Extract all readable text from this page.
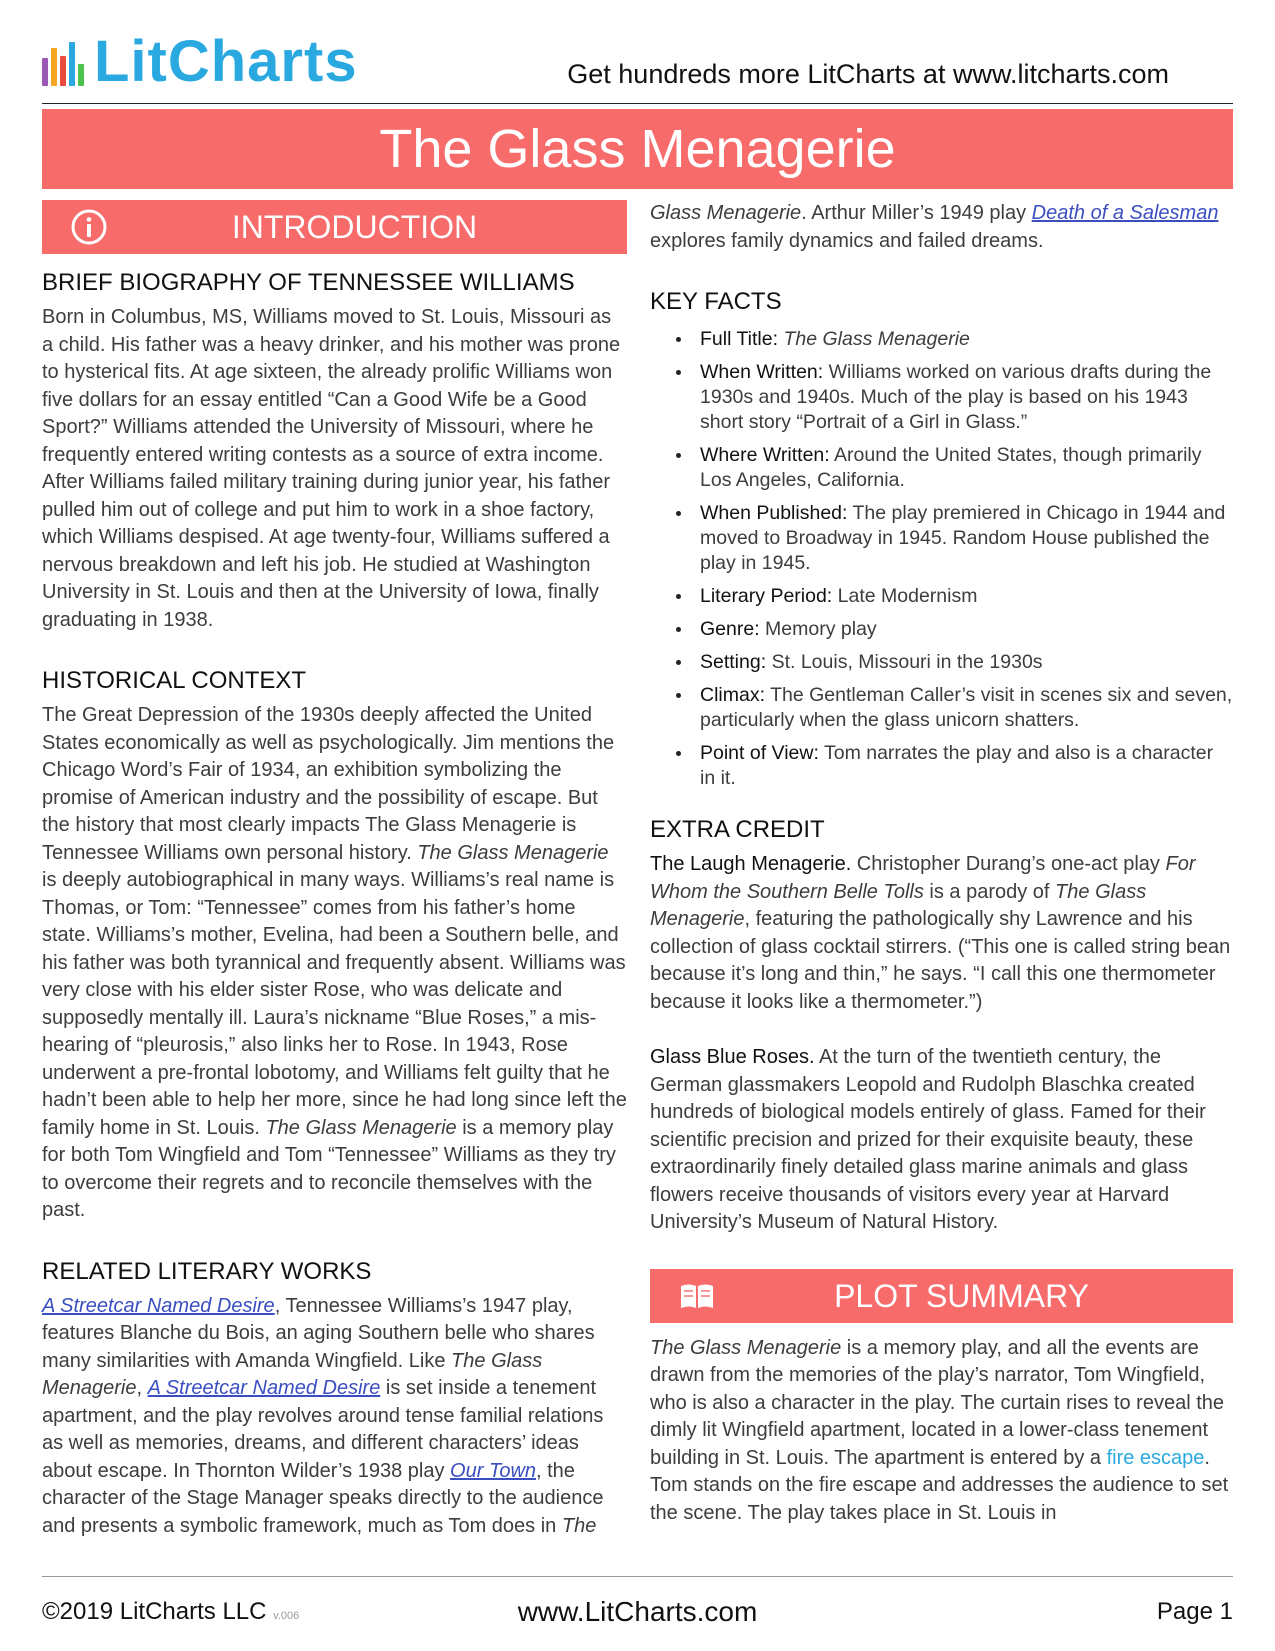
LitCharts	Get hundreds more LitCharts at www.litcharts.com
The Glass Menagerie
INTRODUCTION
BRIEF BIOGRAPHY OF TENNESSEE WILLIAMS

Born in Columbus, MS, Williams moved to St. Louis, Missouri as a child. His father was a heavy drinker, and his mother was prone to hysterical fits. At age sixteen, the already prolific Williams won five dollars for an essay entitled “Can a Good Wife be a Good Sport?” Williams attended the University of Missouri, where he frequently entered writing contests as a source of extra income. After Williams failed military training during junior year, his father pulled him out of college and put him to work in a shoe factory, which Williams despised. At age twenty-four, Williams suffered a nervous breakdown and left his job. He studied at Washington University in St. Louis and then at the University of Iowa, finally graduating in 1938.

HISTORICAL CONTEXT

The Great Depression of the 1930s deeply affected the United States economically as well as psychologically. Jim mentions the Chicago Word’s Fair of 1934, an exhibition symbolizing the promise of American industry and the possibility of escape. But the history that most clearly impacts The Glass Menagerie is Tennessee Williams own personal history. The Glass Menagerie is deeply autobiographical in many ways. Williams’s real name is Thomas, or Tom: “Tennessee” comes from his father’s home state. Williams’s mother, Evelina, had been a Southern belle, and his father was both tyrannical and frequently absent. Williams was very close with his elder sister Rose, who was delicate and supposedly mentally ill. Laura’s nickname “Blue Roses,” a mis-hearing of “pleurosis,” also links her to Rose. In 1943, Rose underwent a pre-frontal lobotomy, and Williams felt guilty that he hadn’t been able to help her more, since he had long since left the family home in St. Louis. The Glass Menagerie is a memory play for both Tom Wingfield and Tom “Tennessee” Williams as they try to overcome their regrets and to reconcile themselves with the past.

RELATED LITERARY WORKS

A Streetcar Named Desire, Tennessee Williams’s 1947 play, features Blanche du Bois, an aging Southern belle who shares many similarities with Amanda Wingfield. Like The Glass Menagerie, A Streetcar Named Desire is set inside a tenement apartment, and the play revolves around tense familial relations as well as memories, dreams, and different characters’ ideas about escape. In Thornton Wilder’s 1938 play Our Town, the character of the Stage Manager speaks directly to the audience and presents a symbolic framework, much as Tom does in The

Glass Menagerie. Arthur Miller’s 1949 play Death of a Salesman explores family dynamics and failed dreams.

KEY FACTS
Full Title: The Glass Menagerie
When Written: Williams worked on various drafts during the 1930s and 1940s. Much of the play is based on his 1943 short story “Portrait of a Girl in Glass.”
Where Written: Around the United States, though primarily Los Angeles, California.
When Published: The play premiered in Chicago in 1944 and moved to Broadway in 1945. Random House published the play in 1945.
Literary Period: Late Modernism
Genre: Memory play
Setting: St. Louis, Missouri in the 1930s
Climax: The Gentleman Caller’s visit in scenes six and seven, particularly when the glass unicorn shatters.
Point of View: Tom narrates the play and also is a character in it.
EXTRA CREDIT

The Laugh Menagerie. Christopher Durang’s one-act play For Whom the Southern Belle Tolls is a parody of The Glass Menagerie, featuring the pathologically shy Lawrence and his collection of glass cocktail stirrers. (“This one is called string bean because it’s long and thin,” he says. “I call this one thermometer because it looks like a thermometer.”)

Glass Blue Roses. At the turn of the twentieth century, the German glassmakers Leopold and Rudolph Blaschka created hundreds of biological models entirely of glass. Famed for their scientific precision and prized for their exquisite beauty, these extraordinarily finely detailed glass marine animals and glass flowers receive thousands of visitors every year at Harvard University’s Museum of Natural History.

PLOT SUMMARY

The Glass Menagerie is a memory play, and all the events are drawn from the memories of the play’s narrator, Tom Wingfield, who is also a character in the play. The curtain rises to reveal the dimly lit Wingfield apartment, located in a lower-class tenement building in St. Louis. The apartment is entered by a fire escape. Tom stands on the fire escape and addresses the audience to set the scene. The play takes place in St. Louis in

©2019 LitCharts LLC v.006	www.LitCharts.com	Page 1
